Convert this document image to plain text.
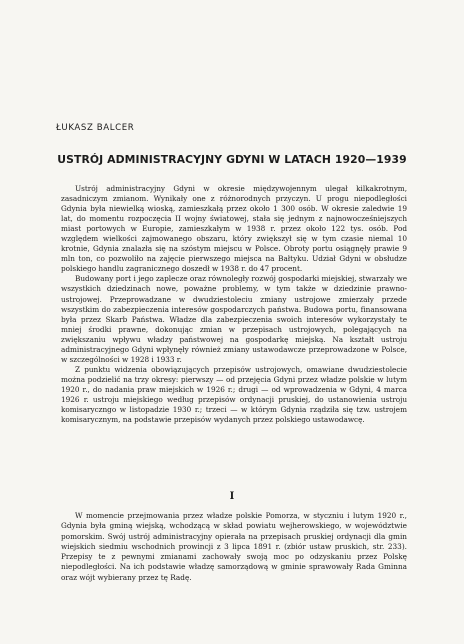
ŁUKASZ BALCER
USTRÓJ ADMINISTRACYJNY GDYNI W LATACH 1920—1939

Ustrój administracyjny Gdyni w okresie międzywojennym ulegał kilkakrotnym, zasadniczym zmianom. Wynikały one z różnorodnych przyczyn. U progu niepodległości Gdynia była niewielką wioską, zamieszkałą przez około 1 300 osób. W okresie zaledwie 19 lat, do momentu rozpoczęcia II wojny światowej, stała się jednym z najnowocześniejszych miast portowych w Europie, zamieszkałym w 1938 r. przez około 122 tys. osób. Pod względem wielkości zajmowanego obszaru, który zwiększył się w tym czasie niemal 10 krotnie, Gdynia znalazła się na szóstym miejscu w Polsce. Obroty portu osiągnęły prawie 9 mln ton, co pozwoliło na zajęcie pierwszego miejsca na Bałtyku. Udział Gdyni w obsłudze polskiego handlu zagranicznego doszedł w 1938 r. do 47 procent.

Budowany port i jego zaplecze oraz równoległy rozwój gospodarki miejskiej, stwarzały we wszystkich dziedzinach nowe, poważne problemy, w tym także w dziedzinie prawno-ustrojowej. Przeprowadzane w dwudziestoleciu zmiany ustrojowe zmierzały przede wszystkim do zabezpieczenia interesów gospodarczych państwa. Budowa portu, finansowana była przez Skarb Państwa. Władze dla zabezpieczenia swoich interesów wykorzystały te mniej środki prawne, dokonując zmian w przepisach ustrojowych, polegających na zwiększaniu wpływu władzy państwowej na gospodarkę miejską. Na kształt ustroju administracyjnego Gdyni wpłynęły również zmiany ustawodawcze przeprowadzone w Polsce, w szczególności w 1928 i 1933 r.

Z punktu widzenia obowiązujących przepisów ustrojowych, omawiane dwudziestolecie można podzielić na trzy okresy: pierwszy — od przejęcia Gdyni przez władze polskie w lutym 1920 r., do nadania praw miejskich w 1926 r.; drugi — od wprowadzenia w Gdyni, 4 marca 1926 r. ustroju miejskiego według przepisów ordynacji pruskiej, do ustanowienia ustroju komisaryczngo w listopadzie 1930 r.; trzeci — w którym Gdynia rządziła się tzw. ustrojem komisarycznym, na podstawie przepisów wydanych przez polskiego ustawodawcę.

I

W momencie przejmowania przez władze polskie Pomorza, w styczniu i lutym 1920 r., Gdynia była gminą wiejską, wchodzącą w skład powiatu wejherowskiego, w województwie pomorskim. Swój ustrój administracyjny opierała na przepisach pruskiej ordynacji dla gmin wiejskich siedmiu wschodnich prowincji z 3 lipca 1891 r. (zbiór ustaw pruskich, str. 233). Przepisy te z pewnymi zmianami zachowały swoją moc po odzyskaniu przez Polskę niepodległości. Na ich podstawie władzę samorządową w gminie sprawowały Rada Gminna oraz wójt wybierany przez tę Radę.
